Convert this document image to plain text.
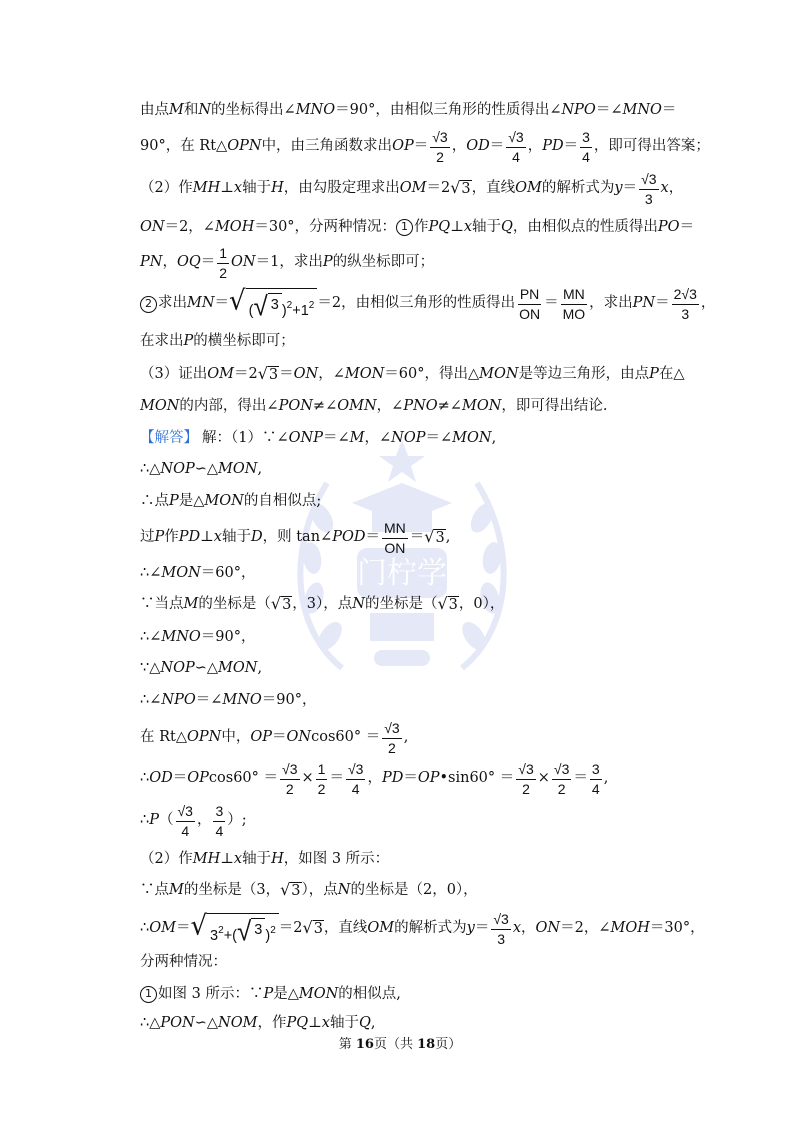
门柠学
由点 M 和 N 的坐标得出∠ MNO ＝90°，由相似三角形的性质得出∠ NPO ＝∠ MNO ＝
90°，在 Rt△ OPN 中，由三角函数求出 OP ＝ $\frac{√3}{2}$ ， OD ＝ $\frac{√3}{4}$ ， PD ＝ $\frac{3}{4}$ ，即可得出答案；
（2）作 MH ⊥ x 轴于 H ，由勾股定理求出 OM ＝2 √ 3 ，直线 OM 的解析式为 $y = \frac{√3}{3}$ x ，
ON ＝2，∠ MOH ＝30°，分两种情况： 1 作 PQ ⊥ x 轴于 Q ，由相似点的性质得出 PO ＝
PN ， OQ ＝ $\frac{1}{2}$ ON ＝1，求出 P 的纵坐标即可；
2 求出 MN ＝ √ ( √ 3 )$^2+1^2 =2$，由相似三角形的性质得出 $\frac{PN}{ON} = \frac{MN}{MO}$ ，求出 PN ＝ $\frac{2√3}{3}$ ，
在求出 P 的横坐标即可；
（3）证出 OM ＝2 √ 3 ＝ ON ，∠ MON ＝60°，得出△ MON 是等边三角形，由点 P 在△
MON 的内部，得出∠ PON ≠∠ OMN ，∠ PNO ≠∠ MON ，即可得出结论.
【解答】 解：（1）∵∠ ONP ＝∠ M ，∠ NOP ＝∠ MON ,
∴△ NOP ∽△ MON ,
∴点 P 是△ MON 的自相似点;
过 P 作 PD ⊥ x 轴于 D ，则 tan∠ POD ＝ $\frac{MN}{ON}$ ＝ √ 3 ,
∴∠ MON ＝60°，
∵当点 M 的坐标是（ √ 3 ，3），点 N 的坐标是（ √ 3 ，0），
∴∠ MNO ＝90°，
∵△ NOP ∽△ MON ,
∴∠ NPO ＝∠ MNO ＝90°，
在 Rt△ OPN 中， OP ＝ ON $\cos 60^\circ = \frac{√3}{2}$ ,
∴ OD ＝ OP $\cos 60^\circ = \frac{√3}{2} \times \frac{1}{2} = \frac{√3}{4}$ ， PD ＝ OP •sin60° ＝ $\frac{√3}{2} \times \frac{√3}{2} = \frac{3}{4}$ ,
∴ P （ $\frac{√3}{4}$ ， $\frac{3}{4}$ ）;
（2）作 MH ⊥ x 轴于 H ，如图 3 所示：
∵点 M 的坐标是（3， √ 3 ），点 N 的坐标是（2，0），
∴ OM ＝ √ $3^2+$( √ 3 )$^2$ ＝2 √ 3 ，直线 OM 的解析式为 $y = \frac{√3}{3}$ x ， ON ＝2，∠ MOH ＝30°，
分两种情况：
1 如图 3 所示：∵ P 是△ MON 的相似点,
∴△ PON ∽△ NOM ，作 PQ ⊥ x 轴于 Q ,
第 16页（共 18页）
